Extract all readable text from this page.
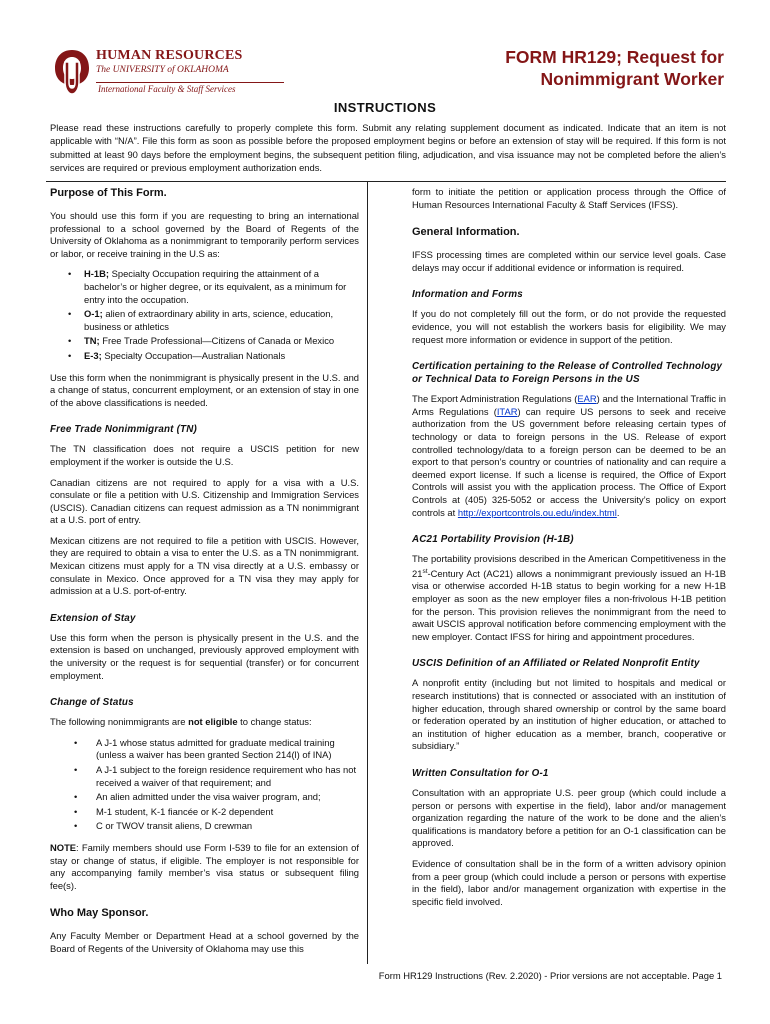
HUMAN RESOURCES
The UNIVERSITY of OKLAHOMA
International Faculty & Staff Services
FORM HR129; Request for
Nonimmigrant Worker
INSTRUCTIONS
Please read these instructions carefully to properly complete this form. Submit any relating supplement document as indicated. Indicate that an item is not applicable with “N/A”. File this form as soon as possible before the proposed employment begins or before an extension of stay will be required. If this form is not submitted at least 90 days before the employment begins, the subsequent petition filing, adjudication, and visa issuance may not be completed before the alien’s services are required or previous employment authorization ends.
Purpose of This Form.

You should use this form if you are requesting to bring an international professional to a school governed by the Board of Regents of the University of Oklahoma as a nonimmigrant to temporarily perform services or labor, or receive training in the U.S as:

• H-1B; Specialty Occupation requiring the attainment of a bachelor’s or higher degree, or its equivalent, as a minimum for entry into the occupation.
• O-1; alien of extraordinary ability in arts, science, education, business or athletics
• TN; Free Trade Professional—Citizens of Canada or Mexico
• E-3; Specialty Occupation—Australian Nationals

Use this form when the nonimmigrant is physically present in the U.S. and a change of status, concurrent employment, or an extension of stay in one of the above classifications is needed.

Free Trade Nonimmigrant (TN)

The TN classification does not require a USCIS petition for new employment if the worker is outside the U.S.

Canadian citizens are not required to apply for a visa with a U.S. consulate or file a petition with U.S. Citizenship and Immigration Services (USCIS). Canadian citizens can request admission as a TN nonimmigrant at a U.S. port of entry.

Mexican citizens are not required to file a petition with USCIS. However, they are required to obtain a visa to enter the U.S. as a TN nonimmigrant. Mexican citizens must apply for a TN visa directly at a U.S. embassy or consulate in Mexico. Once approved for a TN visa they may apply for admission at a U.S. port-of-entry.

Extension of Stay

Use this form when the person is physically present in the U.S. and the extension is based on unchanged, previously approved employment with the university or the request is for sequential (transfer) or for concurrent employment.

Change of Status

The following nonimmigrants are not eligible to change status:

• A J-1 whose status admitted for graduate medical training (unless a waiver has been granted Section 214(l) of INA)
• A J-1 subject to the foreign residence requirement who has not received a waiver of that requirement; and
• An alien admitted under the visa waiver program, and;
• M-1 student, K-1 fiancée or K-2 dependent
• C or TWOV transit aliens, D crewman

NOTE: Family members should use Form I-539 to file for an extension of stay or change of status, if eligible. The employer is not responsible for any accompanying family member’s visa status or subsequent filing fee(s).

Who May Sponsor.

Any Faculty Member or Department Head at a school governed by the Board of Regents of the University of Oklahoma may use this

form to initiate the petition or application process through the Office of Human Resources International Faculty & Staff Services (IFSS).

General Information.

IFSS processing times are completed within our service level goals. Case delays may occur if additional evidence or information is required.

Information and Forms

If you do not completely fill out the form, or do not provide the requested evidence, you will not establish the workers basis for eligibility. We may request more information or evidence in support of the petition.

Certification pertaining to the Release of Controlled Technology or Technical Data to Foreign Persons in the US

The Export Administration Regulations (EAR) and the International Traffic in Arms Regulations (ITAR) can require US persons to seek and receive authorization from the US government before releasing certain types of technology or data to foreign persons in the US. Release of export controlled technology/data to a foreign person can be deemed to be an export to that person’s country or countries of nationality and can require a deemed export license. If such a license is required, the Office of Export Controls will assist you with the application process. The Office of Export Controls at (405) 325-5052 or access the University’s policy on export controls at http://exportcontrols.ou.edu/index.html.

AC21 Portability Provision (H-1B)

The portability provisions described in the American Competitiveness in the 21st-Century Act (AC21) allows a nonimmigrant previously issued an H-1B visa or otherwise accorded H-1B status to begin working for a new H-1B employer as soon as the new employer files a non-frivolous H-1B petition for the person. This provision relieves the nonimmigrant from the need to await USCIS approval notification before commencing employment with the new employer. Contact IFSS for hiring and appointment procedures.

USCIS Definition of an Affiliated or Related Nonprofit Entity

A nonprofit entity (including but not limited to hospitals and medical or research institutions) that is connected or associated with an institution of higher education, through shared ownership or control by the same board or federation operated by an institution of higher education, or attached to an institution of higher education as a member, branch, cooperative or subsidiary.”

Written Consultation for O-1

Consultation with an appropriate U.S. peer group (which could include a person or persons with expertise in the field), labor and/or management organization regarding the nature of the work to be done and the alien’s qualifications is mandatory before a petition for an O-1 classification can be approved.

Evidence of consultation shall be in the form of a written advisory opinion from a peer group (which could include a person or persons with expertise in the field), labor and/or management organization with expertise in the specific field involved.

Form HR129 Instructions (Rev. 2.2020) - Prior versions are not acceptable. Page 1
